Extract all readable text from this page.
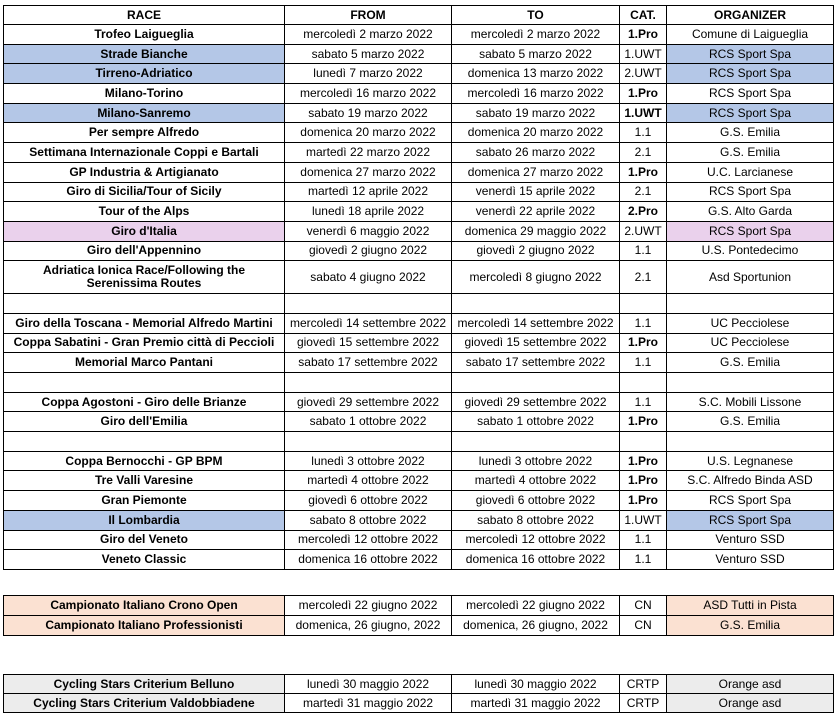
RACE	FROM	TO	CAT.	ORGANIZER
Trofeo Laigueglia	mercoledì 2 marzo 2022	mercoledì 2 marzo 2022	1.Pro	Comune di Laigueglia
Strade Bianche	sabato 5 marzo 2022	sabato 5 marzo 2022	1.UWT	RCS Sport Spa
Tirreno-Adriatico	lunedì 7 marzo 2022	domenica 13 marzo 2022	2.UWT	RCS Sport Spa
Milano-Torino	mercoledì 16 marzo 2022	mercoledì 16 marzo 2022	1.Pro	RCS Sport Spa
Milano-Sanremo	sabato 19 marzo 2022	sabato 19 marzo 2022	1.UWT	RCS Sport Spa
Per sempre Alfredo	domenica 20 marzo 2022	domenica 20 marzo 2022	1.1	G.S. Emilia
Settimana Internazionale Coppi e Bartali	martedì 22 marzo 2022	sabato 26 marzo 2022	2.1	G.S. Emilia
GP Industria & Artigianato	domenica 27 marzo 2022	domenica 27 marzo 2022	1.Pro	U.C. Larcianese
Giro di Sicilia/Tour of Sicily	martedì 12 aprile 2022	venerdì 15 aprile 2022	2.1	RCS Sport Spa
Tour of the Alps	lunedì 18 aprile 2022	venerdì 22 aprile 2022	2.Pro	G.S. Alto Garda
Giro d'Italia	venerdì 6 maggio 2022	domenica 29 maggio 2022	2.UWT	RCS Sport Spa
Giro dell'Appennino	giovedì 2 giugno 2022	giovedì 2 giugno 2022	1.1	U.S. Pontedecimo
Adriatica Ionica Race/Following the Serenissima Routes	sabato 4 giugno 2022	mercoledì 8 giugno 2022	2.1	Asd Sportunion

Giro della Toscana - Memorial Alfredo Martini	mercoledì 14 settembre 2022	mercoledì 14 settembre 2022	1.1	UC Pecciolese
Coppa Sabatini - Gran Premio città di Peccioli	giovedì 15 settembre 2022	giovedì 15 settembre 2022	1.Pro	UC Pecciolese
Memorial Marco Pantani	sabato 17 settembre 2022	sabato 17 settembre 2022	1.1	G.S. Emilia

Coppa Agostoni - Giro delle Brianze	giovedì 29 settembre 2022	giovedì 29 settembre 2022	1.1	S.C. Mobili Lissone
Giro dell'Emilia	sabato 1 ottobre 2022	sabato 1 ottobre 2022	1.Pro	G.S. Emilia

Coppa Bernocchi - GP BPM	lunedì 3 ottobre 2022	lunedì 3 ottobre 2022	1.Pro	U.S. Legnanese
Tre Valli Varesine	martedì 4 ottobre 2022	martedì 4 ottobre 2022	1.Pro	S.C. Alfredo Binda ASD
Gran Piemonte	giovedì 6 ottobre 2022	giovedì 6 ottobre 2022	1.Pro	RCS Sport Spa
Il Lombardia	sabato 8 ottobre 2022	sabato 8 ottobre 2022	1.UWT	RCS Sport Spa
Giro del Veneto	mercoledì 12 ottobre 2022	mercoledì 12 ottobre 2022	1.1	Venturo SSD
Veneto Classic	domenica 16 ottobre 2022	domenica 16 ottobre 2022	1.1	Venturo SSD
Campionato Italiano Crono Open	mercoledì 22 giugno 2022	mercoledì 22 giugno 2022	CN	ASD Tutti in Pista
Campionato Italiano Professionisti	domenica, 26 giugno, 2022	domenica, 26 giugno, 2022	CN	G.S. Emilia
Cycling Stars Criterium Belluno	lunedì 30 maggio 2022	lunedì 30 maggio 2022	CRTP	Orange asd
Cycling Stars Criterium Valdobbiadene	martedì 31 maggio 2022	martedì 31 maggio 2022	CRTP	Orange asd
